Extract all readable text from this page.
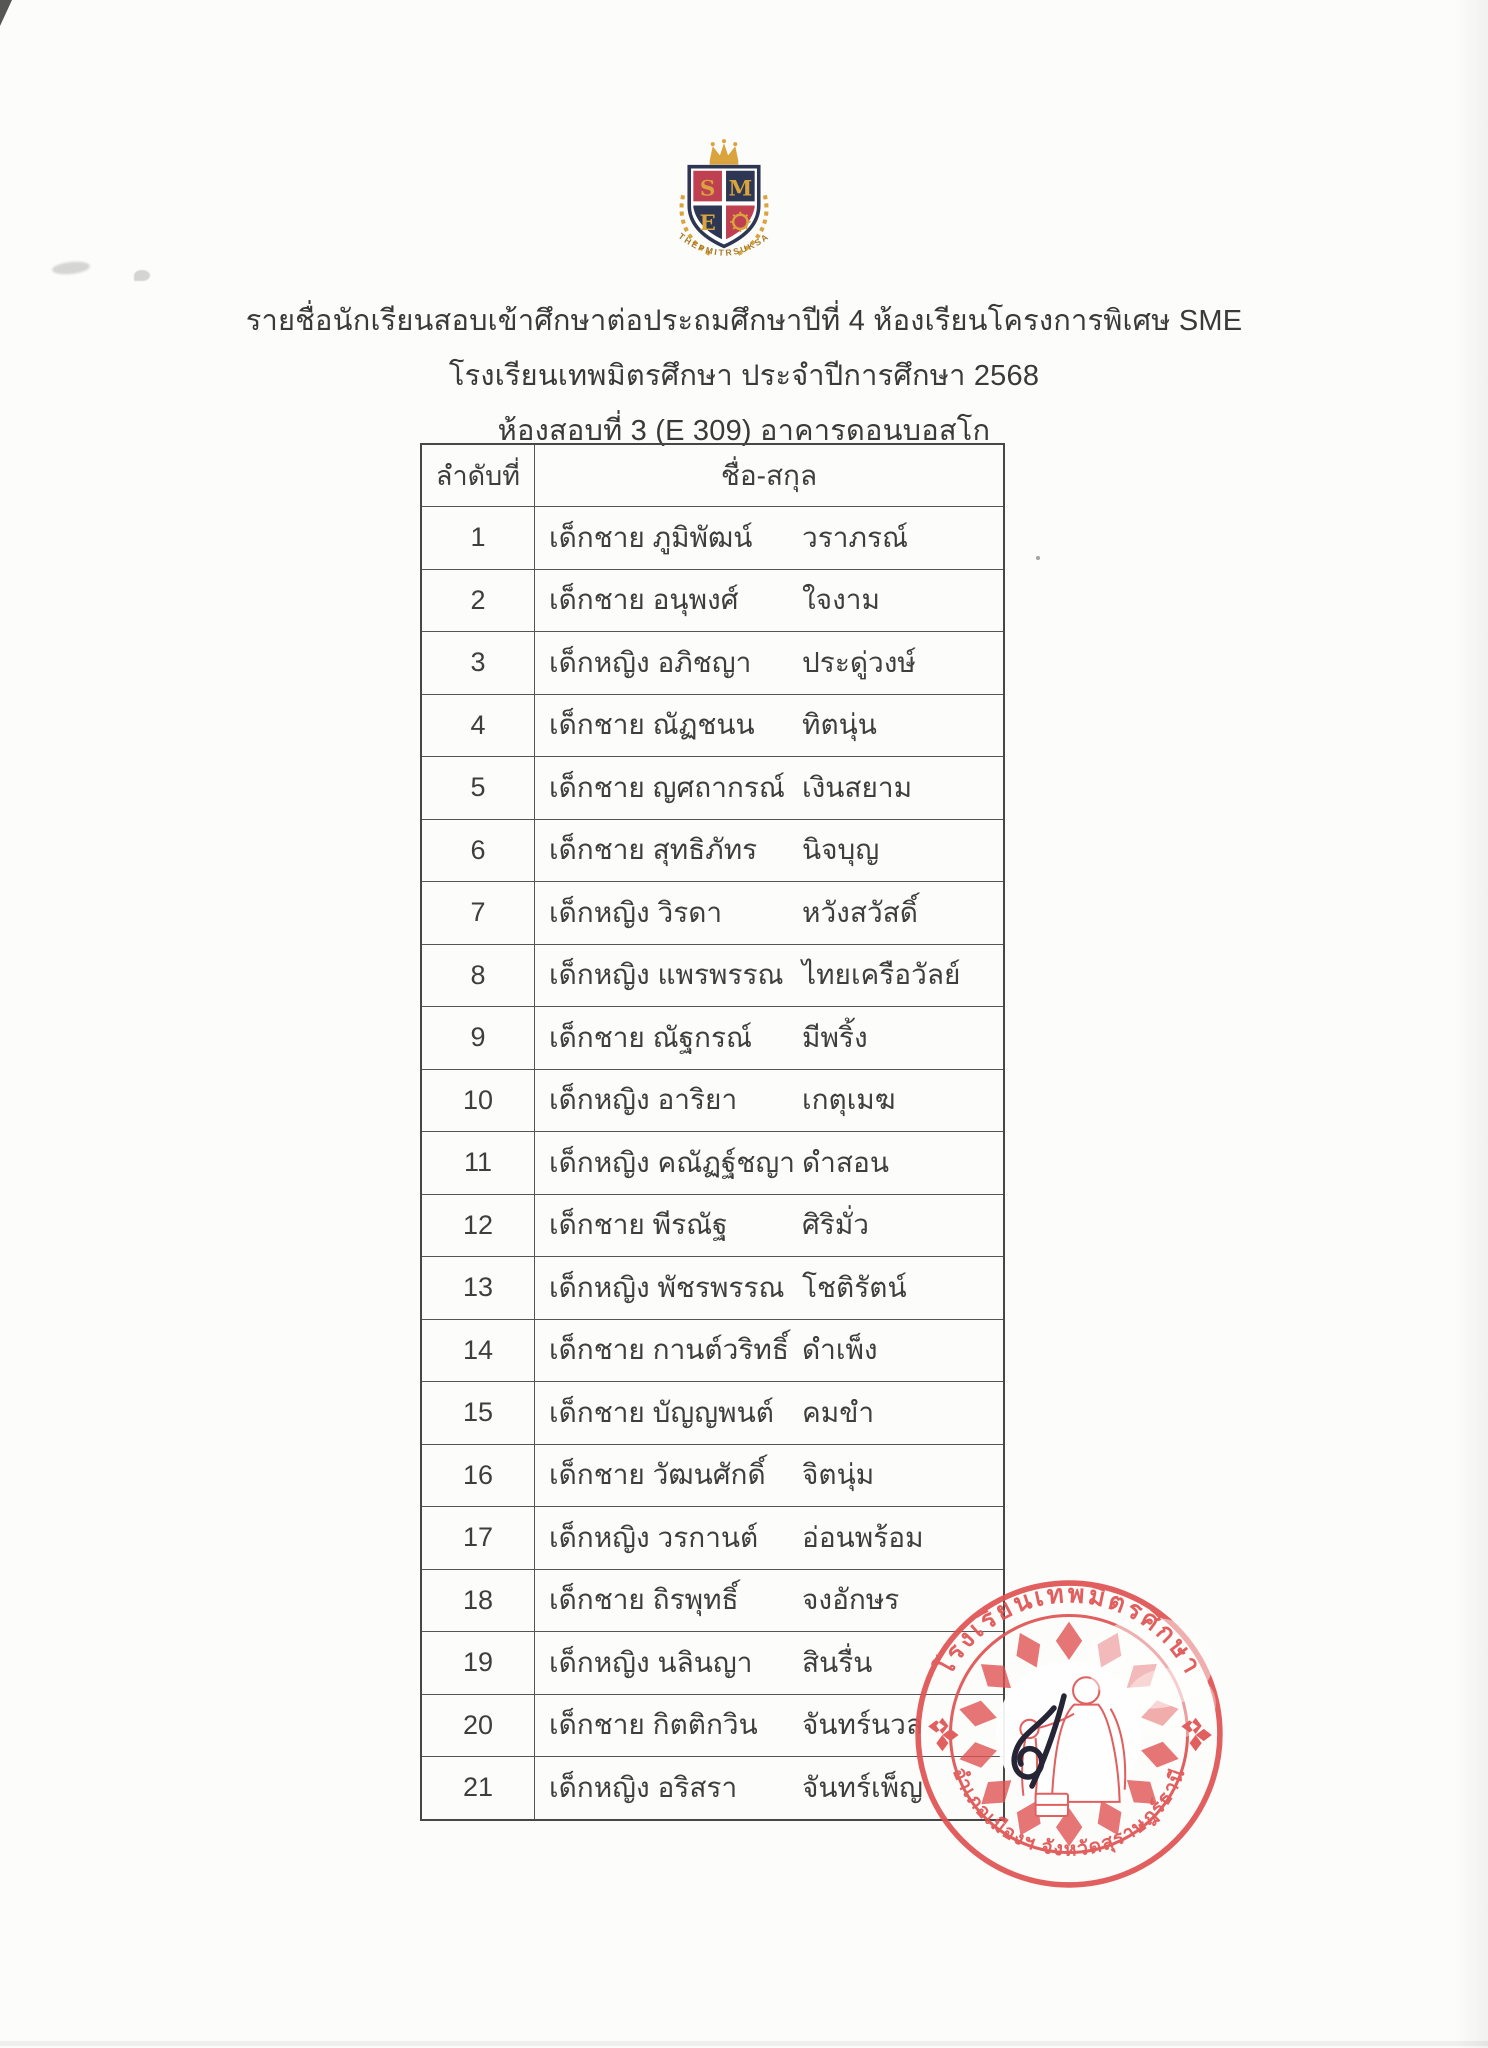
S M
E
THEPMITRSUKSA
รายชื่อนักเรียนสอบเข้าศึกษาต่อประถมศึกษาปีที่ 4 ห้องเรียนโครงการพิเศษ SME
โรงเรียนเทพมิตรศึกษา ประจำปีการศึกษา 2568
ห้องสอบที่ 3 (E 309) อาคารดอนบอสโก
ลำดับที่	ชื่อ-สกุล
1	เด็กชาย ภูมิพัฒน์ วราภรณ์
2	เด็กชาย อนุพงศ์ ใจงาม
3	เด็กหญิง อภิชญา ประดู่วงษ์
4	เด็กชาย ณัฏชนน ทิตนุ่น
5	เด็กชาย ญศถากรณ์ เงินสยาม
6	เด็กชาย สุทธิภัทร นิจบุญ
7	เด็กหญิง วิรดา	หวังสวัสดิ์
8	เด็กหญิง แพรพรรณ ไทยเครือวัลย์
9	เด็กชาย ณัฐกรณ์ มีพริ้ง
10	เด็กหญิง อาริยา เกตุเมฆ
11	เด็กหญิง คณัฏฐ์ชญา ดำสอน
12	เด็กชาย พีรณัฐ	ศิริมั่ว
13	เด็กหญิง พัชรพรรณ โชติรัตน์
14	เด็กชาย กานต์วริทธิ์ ดำเพ็ง
15	เด็กชาย บัญญพนต์ คมขำ
16	เด็กชาย วัฒนศักดิ์ จิตนุ่ม
17	เด็กหญิง วรกานต์ อ่อนพร้อม
18	เด็กชาย ถิรพุทธิ์ จงอักษร
19	เด็กหญิง นลินญา สินรื่น
20	เด็กชาย กิตติกวิน จันทร์นวล
21	เด็กหญิง อริสรา จันทร์เพ็ญ
โรงเรียนเทพมิตรศึกษา
อำเภอเมืองฯ จังหวัดสุราษฎร์ธานี
